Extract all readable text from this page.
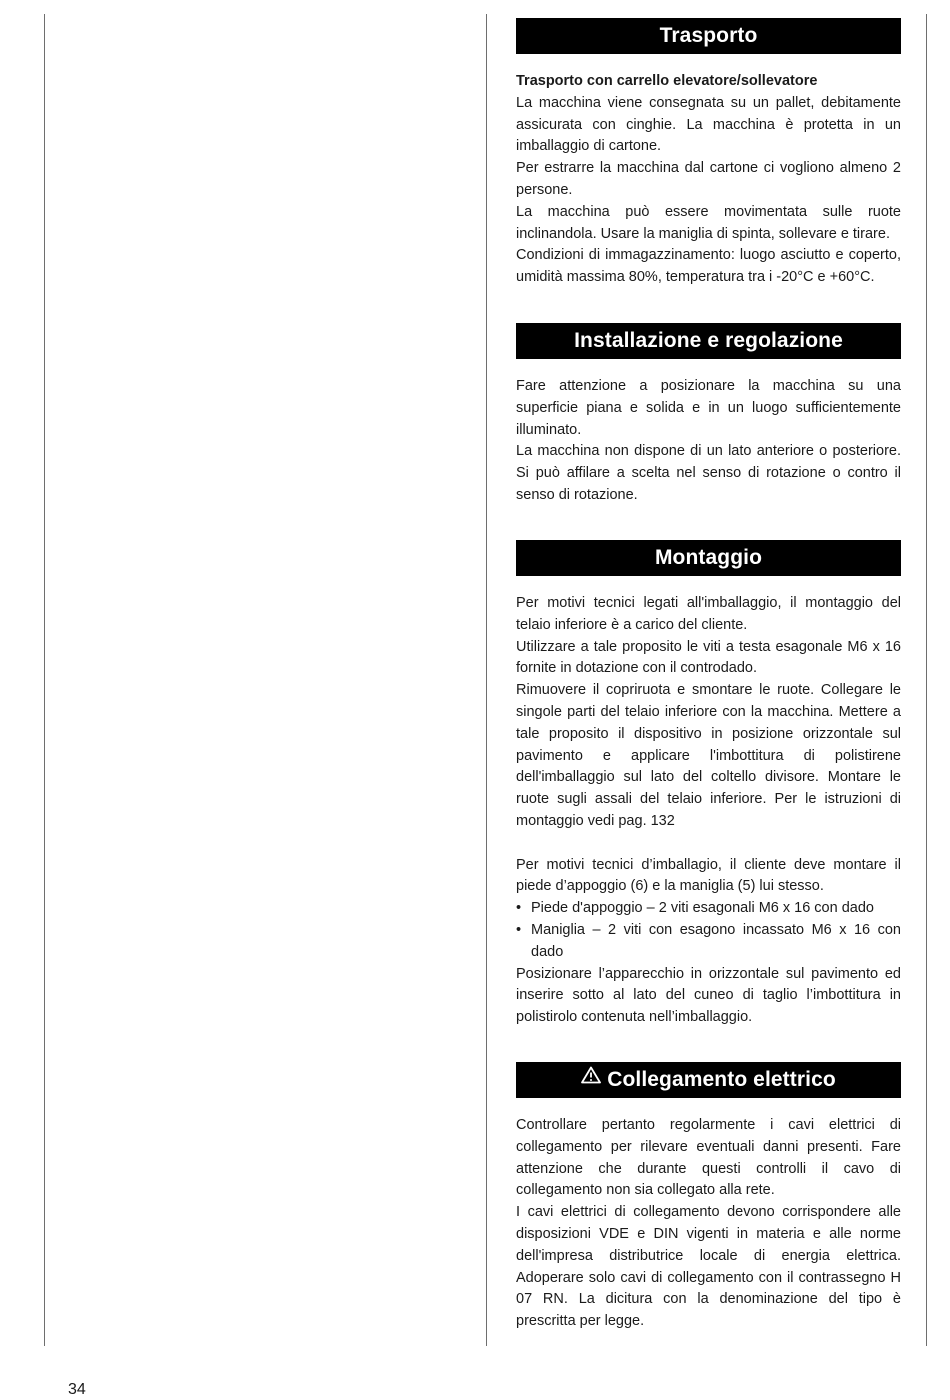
Trasporto

Trasporto con carrello elevatore/sollevatore

La macchina viene consegnata su un pallet, debitamente assicurata con cinghie. La macchina è protetta in un imballaggio di cartone.

Per estrarre la macchina dal cartone ci vogliono almeno 2 persone.

La macchina può essere movimentata sulle ruote inclinandola. Usare la maniglia di spinta, sollevare e tirare.

Condizioni di immagazzinamento: luogo asciutto e coperto, umidità massima 80%, temperatura tra i -20°C e +60°C.

Installazione e regolazione

Fare attenzione a posizionare la macchina su una superficie piana e solida e in un luogo sufficientemente illuminato.

La macchina non dispone di un lato anteriore o posteriore. Si può affilare a scelta nel senso di rotazione o contro il senso di rotazione.

Montaggio

Per motivi tecnici legati all'imballaggio, il montaggio del telaio inferiore è a carico del cliente.

Utilizzare a tale proposito le viti a testa esagonale M6 x 16 fornite in dotazione con il controdado.

Rimuovere il copriruota e smontare le ruote. Collegare le singole parti del telaio inferiore con la macchina. Mettere a tale proposito il dispositivo in posizione orizzontale sul pavimento e applicare l'imbottitura di polistirene dell'imballaggio sul lato del coltello divisore. Montare le ruote sugli assali del telaio inferiore. Per le istruzioni di montaggio vedi pag. 132

Per motivi tecnici d’imballagio, il cliente deve montare il piede d’appoggio (6) e la maniglia (5) lui stesso.

• Piede d'appoggio – 2 viti esagonali M6 x 16 con dado
• Maniglia – 2 viti con esagono incassato M6 x 16 con dado

Posizionare l’apparecchio in orizzontale sul pavimento ed inserire sotto al lato del cuneo di taglio l’imbottitura in polistirolo contenuta nell’imballaggio.

Collegamento elettrico

Controllare pertanto regolarmente i cavi elettrici di collegamento per rilevare eventuali danni presenti. Fare attenzione che durante questi controlli il cavo di collegamento non sia collegato alla rete.

I cavi elettrici di collegamento devono corrispondere alle disposizioni VDE e DIN vigenti in materia e alle norme dell'impresa distributrice locale di energia elettrica. Adoperare solo cavi di collegamento con il contrassegno H 07 RN. La dicitura con la denominazione del tipo è prescritta per legge.

34
